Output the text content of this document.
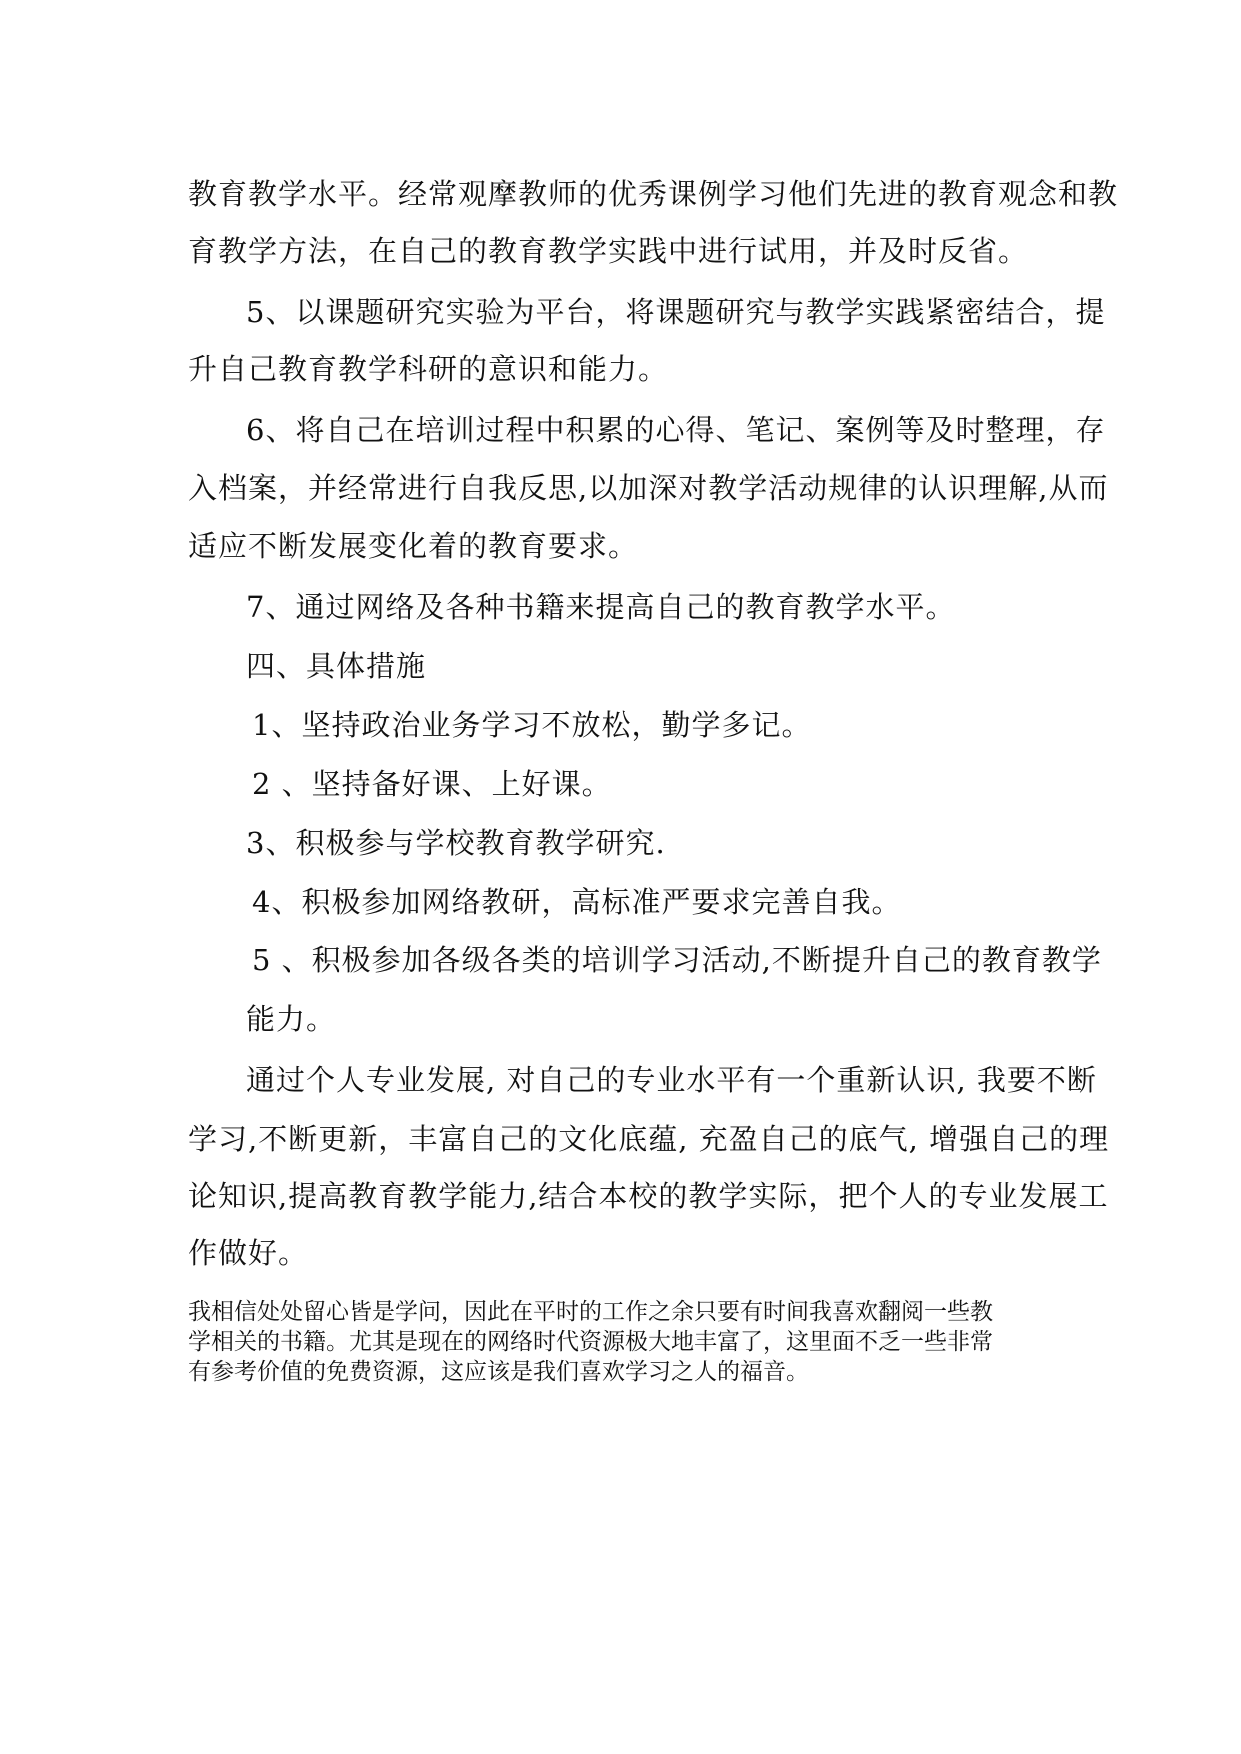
教育教学水平。经常观摩教师的优秀课例学习他们先进的教育观念和教
育教学方法，在自己的教育教学实践中进行试用，并及时反省。
5、以课题研究实验为平台，将课题研究与教学实践紧密结合，提
升自己教育教学科研的意识和能力。
6、将自己在培训过程中积累的心得、笔记、案例等及时整理，存
入档案，并经常进行自我反思,以加深对教学活动规律的认识理解,从而
适应不断发展变化着的教育要求。
7、通过网络及各种书籍来提高自己的教育教学水平。
四、具体措施
1、坚持政治业务学习不放松，勤学多记。
2 、坚持备好课、上好课。
3、积极参与学校教育教学研究.
4、积极参加网络教研，高标准严要求完善自我。
5 、积极参加各级各类的培训学习活动,不断提升自己的教育教学
能力。
通过个人专业发展, 对自己的专业水平有一个重新认识, 我要不断
学习,不断更新，丰富自己的文化底蕴, 充盈自己的底气, 增强自己的理
论知识,提高教育教学能力,结合本校的教学实际，把个人的专业发展工
作做好。
我相信处处留心皆是学问，因此在平时的工作之余只要有时间我喜欢翻阅一些教
学相关的书籍。尤其是现在的网络时代资源极大地丰富了，这里面不乏一些非常
有参考价值的免费资源，这应该是我们喜欢学习之人的福音。
